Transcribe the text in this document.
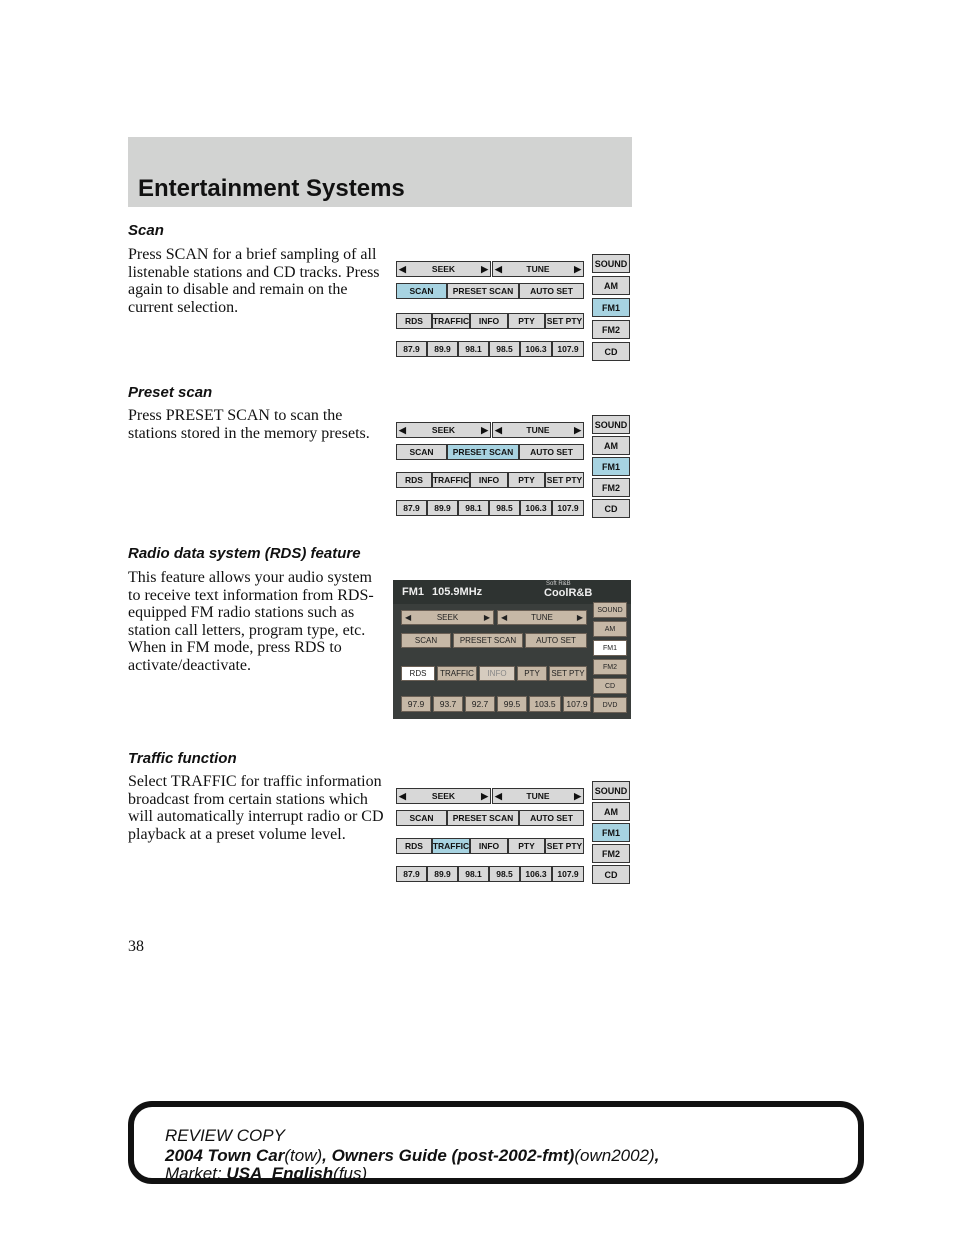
Entertainment Systems
Scan
Press SCAN for a brief sampling of all listenable stations and CD tracks. Press again to disable and remain on the current selection.
Preset scan
Press PRESET SCAN to scan the stations stored in the memory presets.
Radio data system (RDS) feature
This feature allows your audio system to receive text information from RDS-equipped FM radio stations such as station call letters, program type, etc. When in FM mode, press RDS to activate/deactivate.
Traffic function
Select TRAFFIC for traffic information broadcast from certain stations which will automatically interrupt radio or CD playback at a preset volume level.
◀	SEEK	▶ ◀	TUNE	▶
SCAN	PRESET SCAN	AUTO SET
RDS	TRAFFIC	INFO	PTY	SET PTY
87.9	89.9	98.1	98.5	106.3	107.9
SOUND
AM
FM1
FM2
CD
◀	SEEK	▶ ◀	TUNE	▶
SCAN	PRESET SCAN	AUTO SET
RDS	TRAFFIC	INFO	PTY	SET PTY
87.9	89.9	98.1	98.5	106.3	107.9
SOUND
AM
FM1
FM2
CD
FM1 105.9MHz
Soft R&B
CoolR&B
◀	SEEK	▶ ◀	TUNE	▶
SCAN	PRESET SCAN	AUTO SET
RDS	TRAFFIC	INFO	PTY	SET PTY
97.9	93.7	92.7	99.5	103.5	107.9
SOUND
AM
FM1
FM2
CD
DVD
◀	SEEK	▶ ◀	TUNE	▶
SCAN	PRESET SCAN	AUTO SET
RDS	TRAFFIC	INFO	PTY	SET PTY
87.9	89.9	98.1	98.5	106.3	107.9
SOUND
AM
FM1
FM2
CD
38
REVIEW COPY
2004 Town Car(tow), Owners Guide (post-2002-fmt)(own2002),
Market: USA_English(fus)
